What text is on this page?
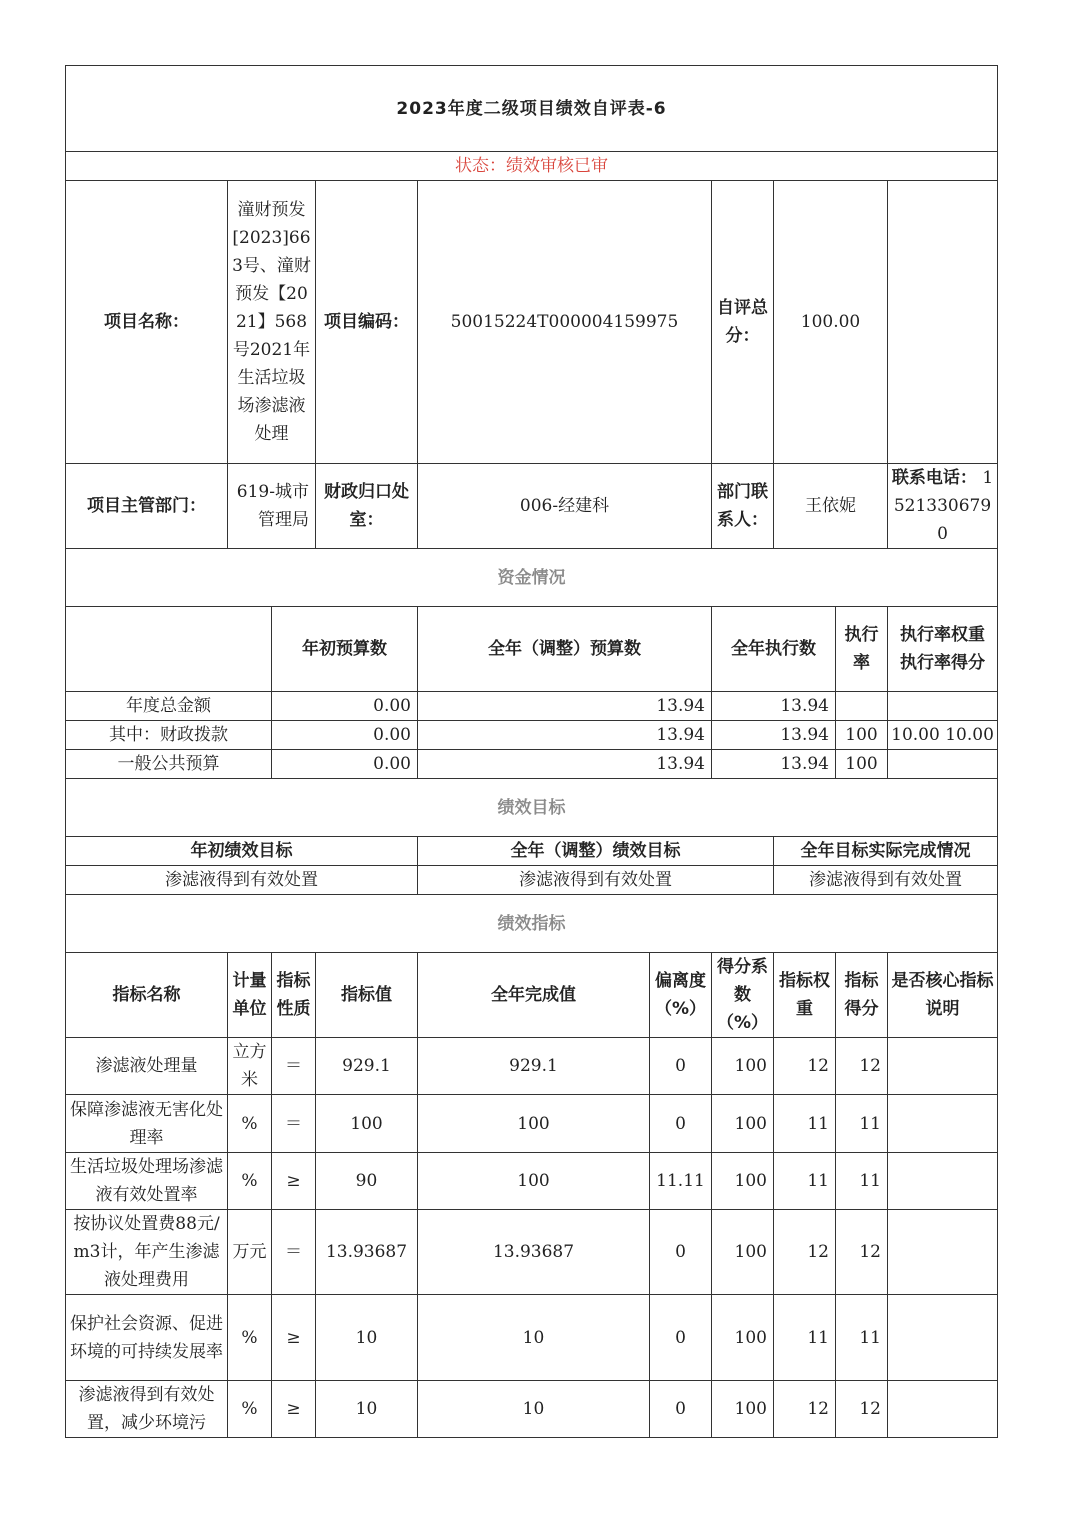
2023年度二级项目绩效自评表-6									
状态：绩效审核已审									
项目名称：	潼财预发[2023]663号、潼财预发【2021】568号2021年生活垃圾场渗滤液处理		项目编码：	50015224T000004159975		自评总分：	100.00		
项目主管部门：	619-城市管理局		财政归口处室：	006-经建科		部门联系人：	王依妮		联系电话： 15213306790
资金情况									
		年初预算数		全年（调整）预算数		全年执行数		执行率	执行率权重 执行率得分
年度总金额		0.00		13.94		13.94			
其中：财政拨款		0.00		13.94		13.94		100	10.00 10.00
一般公共预算		0.00		13.94		13.94		100	
绩效目标									
年初绩效目标				全年（调整）绩效目标			全年目标实际完成情况		
渗滤液得到有效处置				渗滤液得到有效处置			渗滤液得到有效处置		
绩效指标									
指标名称	计量单位	指标性质	指标值	全年完成值	偏离度（%）	得分系数（%）	指标权重	指标得分	是否核心指标 说明
渗滤液处理量	立方米	＝	929.1	929.1	0	100	12	12	
保障渗滤液无害化处理率	%	＝	100	100	0	100	11	11	
生活垃圾处理场渗滤液有效处置率	%	≥	90	100	11.11	100	11	11	
按协议处置费88元/m3计，年产生渗滤液处理费用	万元	＝	13.93687	13.93687	0	100	12	12	
保护社会资源、促进环境的可持续发展率	%	≥	10	10	0	100	11	11	
渗滤液得到有效处置，减少环境污	%	≥	10	10	0	100	12	12	
